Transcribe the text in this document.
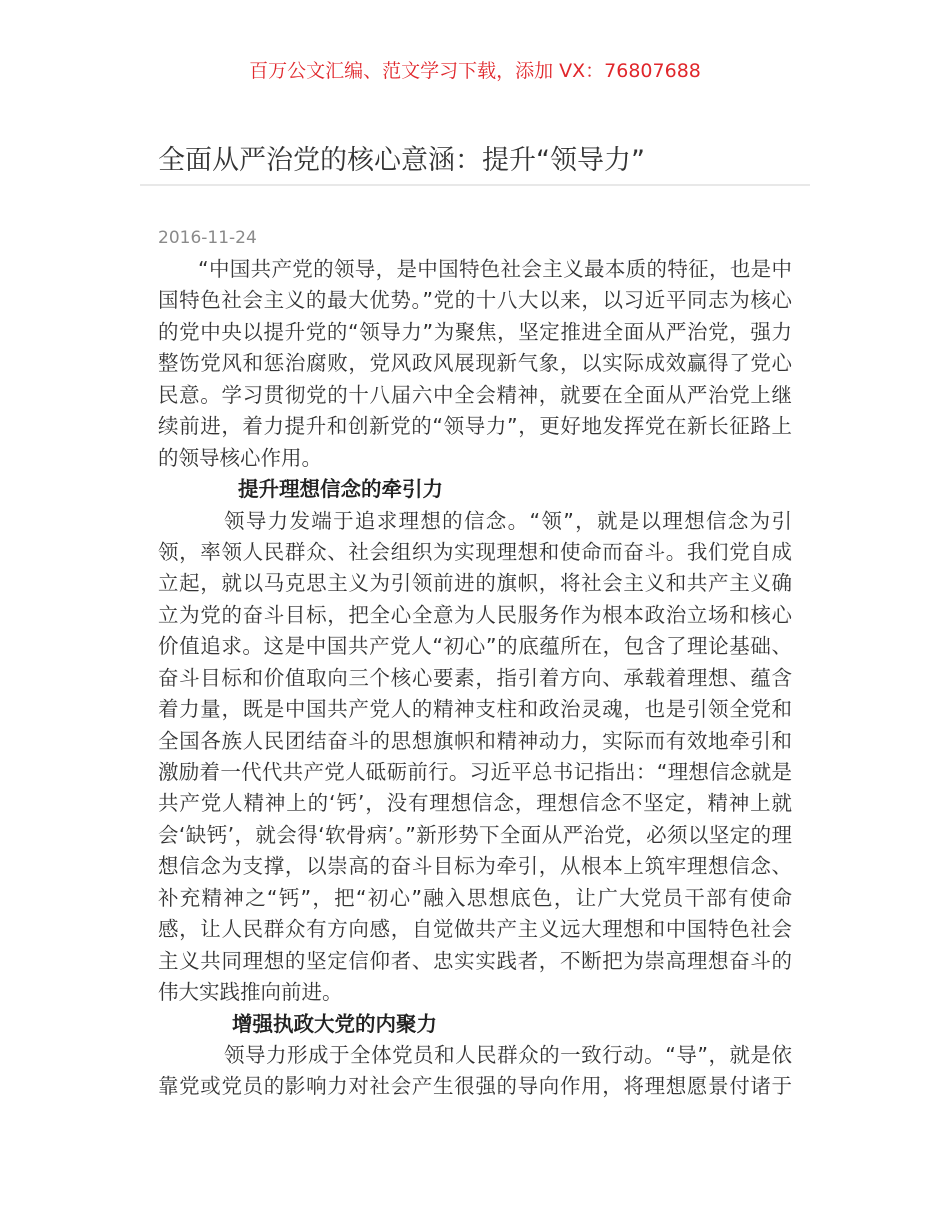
百万公文汇编、范文学习下载，添加 VX：76807688
全面从严治党的核心意涵：提升“领导力”
2016-11-24
“中国共产党的领导，是中国特色社会主义最本质的特征，也是中
国特色社会主义的最大优势。”党的十八大以来，以习近平同志为核心
的党中央以提升党的“领导力”为聚焦，坚定推进全面从严治党，强力
整饬党风和惩治腐败，党风政风展现新气象，以实际成效赢得了党心
民意。学习贯彻党的十八届六中全会精神，就要在全面从严治党上继
续前进，着力提升和创新党的“领导力”，更好地发挥党在新长征路上
的领导核心作用。
提升理想信念的牵引力
领导力发端于追求理想的信念。“领”，就是以理想信念为引
领，率领人民群众、社会组织为实现理想和使命而奋斗。我们党自成
立起，就以马克思主义为引领前进的旗帜，将社会主义和共产主义确
立为党的奋斗目标，把全心全意为人民服务作为根本政治立场和核心
价值追求。这是中国共产党人“初心”的底蕴所在，包含了理论基础、
奋斗目标和价值取向三个核心要素，指引着方向、承载着理想、蕴含
着力量，既是中国共产党人的精神支柱和政治灵魂，也是引领全党和
全国各族人民团结奋斗的思想旗帜和精神动力，实际而有效地牵引和
激励着一代代共产党人砥砺前行。习近平总书记指出：“理想信念就是
共产党人精神上的‘钙’，没有理想信念，理想信念不坚定，精神上就
会‘缺钙’，就会得‘软骨病’。”新形势下全面从严治党，必须以坚定的理
想信念为支撑，以崇高的奋斗目标为牵引，从根本上筑牢理想信念、
补充精神之“钙”，把“初心”融入思想底色，让广大党员干部有使命
感，让人民群众有方向感，自觉做共产主义远大理想和中国特色社会
主义共同理想的坚定信仰者、忠实实践者，不断把为崇高理想奋斗的
伟大实践推向前进。
增强执政大党的内聚力
领导力形成于全体党员和人民群众的一致行动。“导”，就是依
靠党或党员的影响力对社会产生很强的导向作用，将理想愿景付诸于
